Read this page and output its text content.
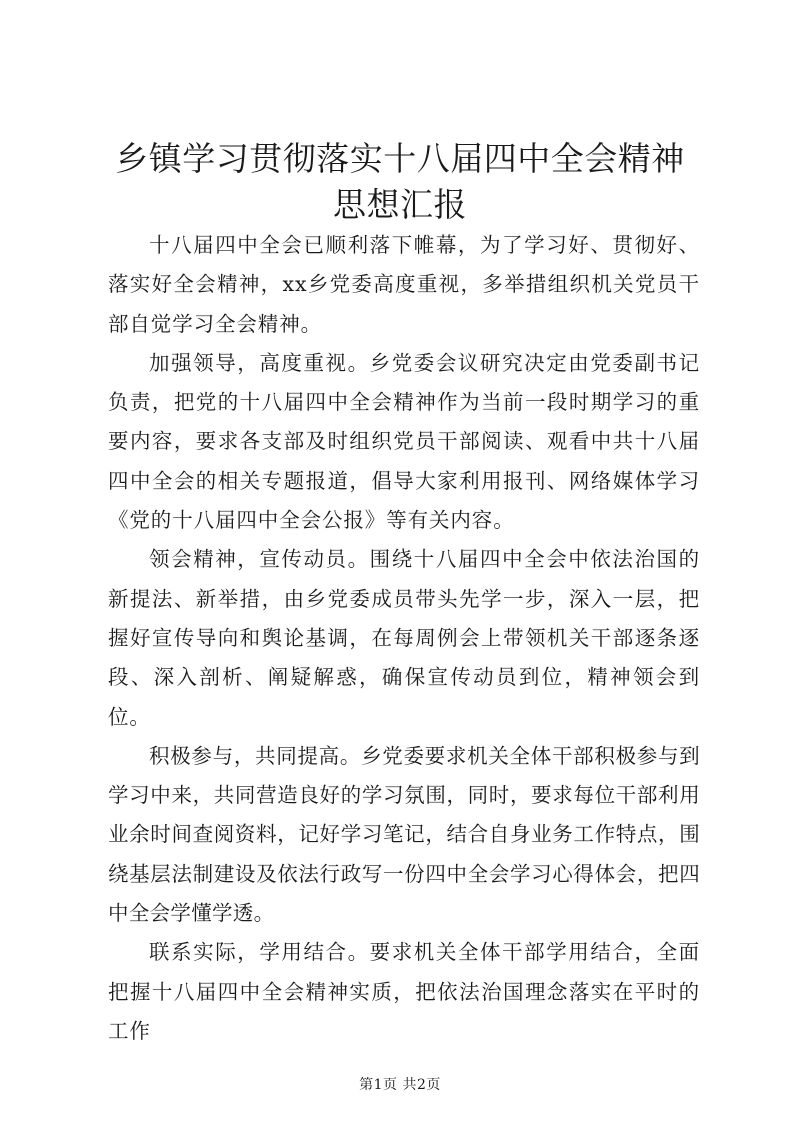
乡镇学习贯彻落实十八届四中全会精神思想汇报

十八届四中全会已顺利落下帷幕，为了学习好、贯彻好、落实好全会精神，xx乡党委高度重视，多举措组织机关党员干部自觉学习全会精神。

加强领导，高度重视。乡党委会议研究决定由党委副书记负责，把党的十八届四中全会精神作为当前一段时期学习的重要内容，要求各支部及时组织党员干部阅读、观看中共十八届四中全会的相关专题报道，倡导大家利用报刊、网络媒体学习《党的十八届四中全会公报》等有关内容。

领会精神，宣传动员。围绕十八届四中全会中依法治国的新提法、新举措，由乡党委成员带头先学一步，深入一层，把握好宣传导向和舆论基调，在每周例会上带领机关干部逐条逐段、深入剖析、阐疑解惑，确保宣传动员到位，精神领会到位。

积极参与，共同提高。乡党委要求机关全体干部积极参与到学习中来，共同营造良好的学习氛围，同时，要求每位干部利用业余时间查阅资料，记好学习笔记，结合自身业务工作特点，围绕基层法制建设及依法行政写一份四中全会学习心得体会，把四中全会学懂学透。

联系实际，学用结合。要求机关全体干部学用结合，全面把握十八届四中全会精神实质，把依法治国理念落实在平时的工作

第1页 共2页
